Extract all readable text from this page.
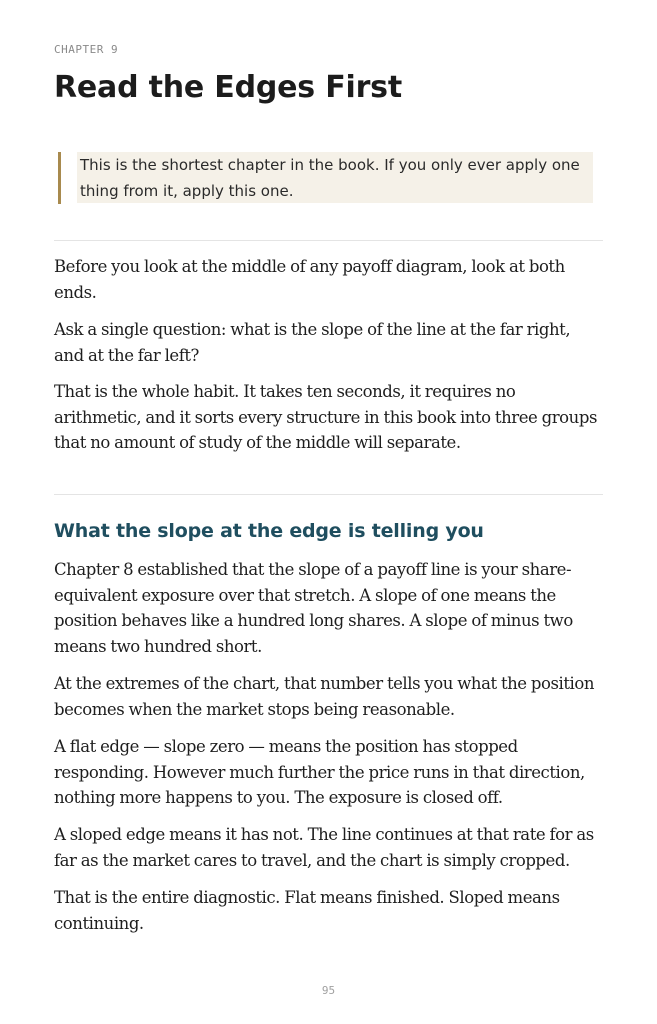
CHAPTER 9
Read the Edges First

This is the shortest chapter in the book. If you only ever apply one thing from it, apply this one.

Before you look at the middle of any payoff diagram, look at both ends.

Ask a single question: what is the slope of the line at the far right, and at the far left?

That is the whole habit. It takes ten seconds, it requires no arithmetic, and it sorts every structure in this book into three groups that no amount of study of the middle will separate.

What the slope at the edge is telling you

Chapter 8 established that the slope of a payoff line is your share-equivalent exposure over that stretch. A slope of one means the position behaves like a hundred long shares. A slope of minus two means two hundred short.

At the extremes of the chart, that number tells you what the position becomes when the market stops being reasonable.

A flat edge — slope zero — means the position has stopped responding. However much further the price runs in that direction, nothing more happens to you. The exposure is closed off.

A sloped edge means it has not. The line continues at that rate for as far as the market cares to travel, and the chart is simply cropped.

That is the entire diagnostic. Flat means finished. Sloped means continuing.

95
